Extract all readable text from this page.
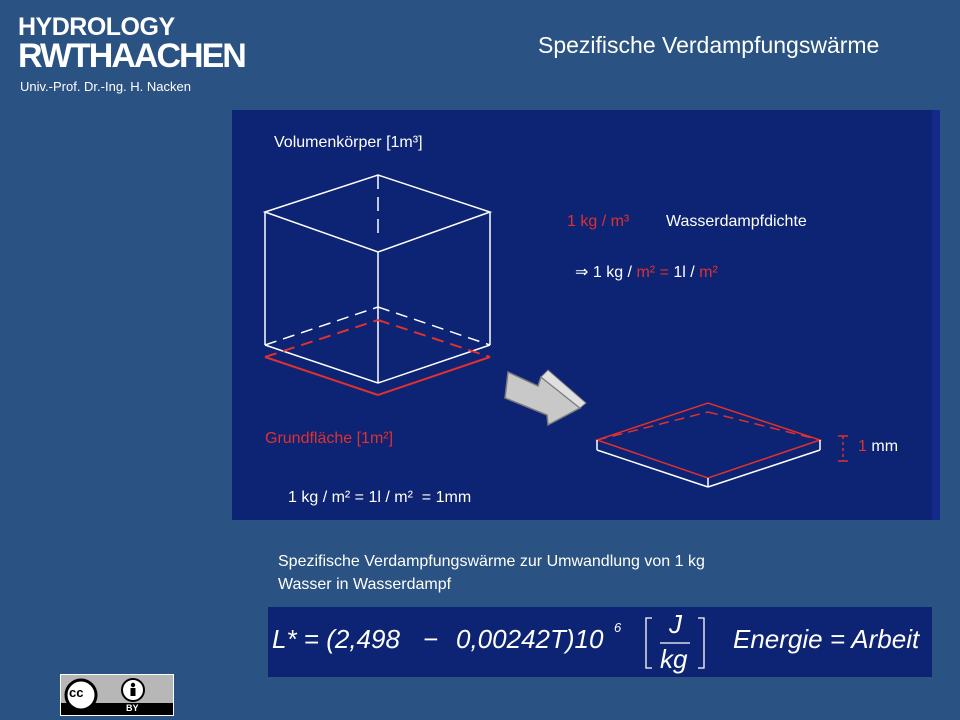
HYDROLOGY
RWTHAACHEN
Univ.-Prof. Dr.-Ing. H. Nacken
Spezifische Verdampfungswärme
Volumenkörper [1m³]
1 kg / m³ Wasserdampfdichte
⇒ 1 kg / m² = 1l / m²
Grundfläche [1m²]	1 mm
1 kg / m² = 1l / m²  = 1mm
Spezifische Verdampfungswärme zur Umwandlung von 1 kg
Wasser in Wasserdampf
L* = (2,498 − 0,00242T)10 6 J
kg
Energie = Arbeit
cc
BY
